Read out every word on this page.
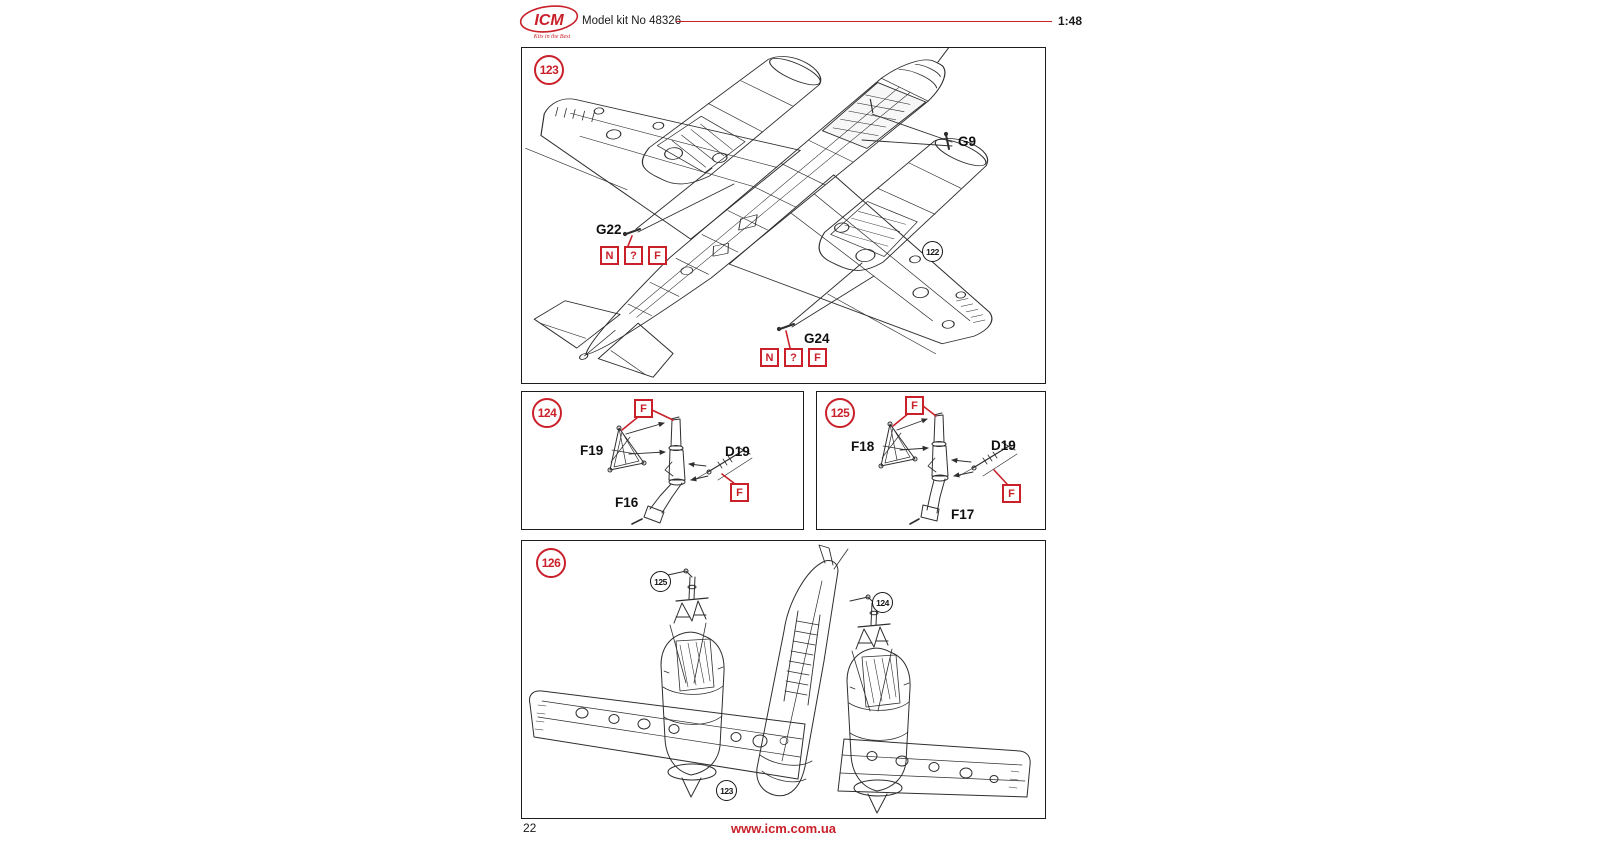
ICM
Kits in the Best
Model kit No 48326	1:48
123
122
G9
G22
G24
N	?	F
N	?	F
124	F
F
F19	D19
F16
125
F
F
F18	D19
F17
126
125
124
123
22	www.icm.com.ua
